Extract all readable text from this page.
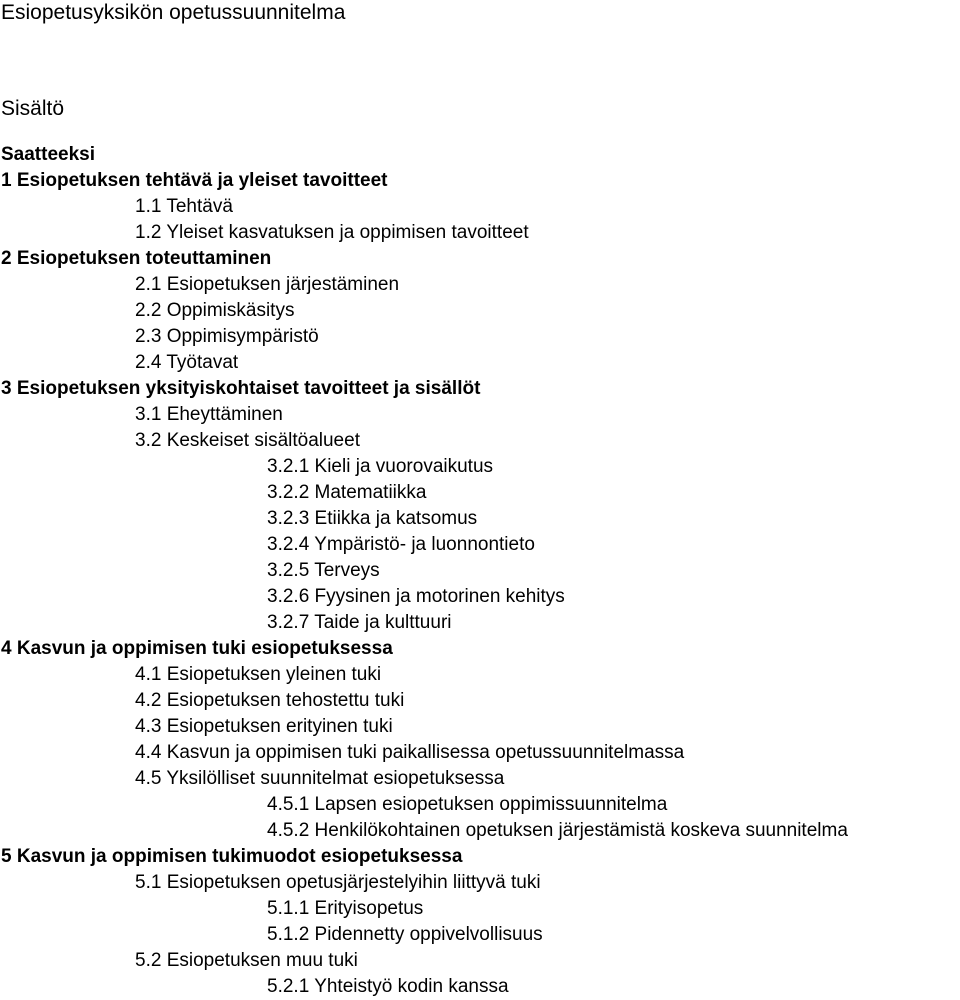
Esiopetusyksikön opetussuunnitelma
Sisältö
Saatteeksi
1 Esiopetuksen tehtävä ja yleiset tavoitteet
1.1 Tehtävä
1.2 Yleiset kasvatuksen ja oppimisen tavoitteet
2 Esiopetuksen toteuttaminen
2.1 Esiopetuksen järjestäminen
2.2 Oppimiskäsitys
2.3 Oppimisympäristö
2.4 Työtavat
3 Esiopetuksen yksityiskohtaiset tavoitteet ja sisällöt
3.1 Eheyttäminen
3.2 Keskeiset sisältöalueet
3.2.1 Kieli ja vuorovaikutus
3.2.2 Matematiikka
3.2.3 Etiikka ja katsomus
3.2.4 Ympäristö- ja luonnontieto
3.2.5 Terveys
3.2.6 Fyysinen ja motorinen kehitys
3.2.7 Taide ja kulttuuri
4 Kasvun ja oppimisen tuki esiopetuksessa
4.1 Esiopetuksen yleinen tuki
4.2 Esiopetuksen tehostettu tuki
4.3 Esiopetuksen erityinen tuki
4.4 Kasvun ja oppimisen tuki paikallisessa opetussuunnitelmassa
4.5 Yksilölliset suunnitelmat esiopetuksessa
4.5.1 Lapsen esiopetuksen oppimissuunnitelma
4.5.2 Henkilökohtainen opetuksen järjestämistä koskeva suunnitelma
5 Kasvun ja oppimisen tukimuodot esiopetuksessa
5.1 Esiopetuksen opetusjärjestelyihin liittyvä tuki
5.1.1 Erityisopetus
5.1.2 Pidennetty oppivelvollisuus
5.2 Esiopetuksen muu tuki
5.2.1 Yhteistyö kodin kanssa
